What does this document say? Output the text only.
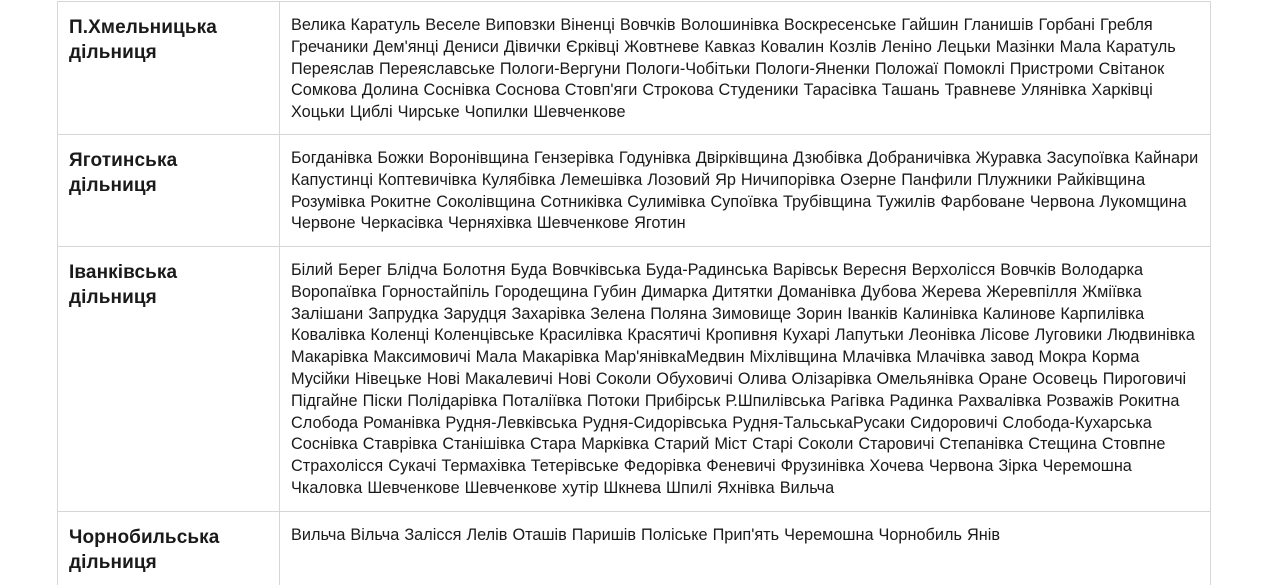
П.Хмельницька дільниця	Велика Каратуль Веселе Виповзки Віненці Вовчків Волошинівка Воскресенське Гайшин Гланишів Горбані Гребля Гречаники Дем'янці Дениси Дівички Єрківці Жовтневе Кавказ Ковалин Козлів Леніно Лецьки Мазінки Мала Каратуль Переяслав Переяславське Пологи-Вергуни Пологи-Чобітьки Пологи-Яненки Положаї Помоклі Пристроми Світанок Сомкова Долина Соснівка Соснова Стовп'яги Строкова Студеники Тарасівка Ташань Травневе Улянівка Харківці Хоцьки Циблі Чирське Чопилки Шевченкове

Яготинська дільниця	Богданівка Божки Воронівщина Гензерівка Годунівка Двірківщина Дзюбівка Добраничівка Журавка Засупоївка Кайнари Капустинці Коптевичівка Кулябівка Лемешівка Лозовий Яр Ничипорівка Озерне Панфили Плужники Райківщина Розумівка Рокитне Соколівщина Сотниківка Сулимівка Супоївка Трубівщина Тужилів Фарбоване Червона Лукомщина Червоне Черкасівка Черняхівка Шевченкове Яготин

Іванківська дільниця	Білий Берег Блідча Болотня Буда Вовчківська Буда-Радинська Варівськ Вересня Верхолісся Вовчків Володарка Воропаївка Горностайпіль Городещина Губин Димарка Дитятки Доманівка Дубова Жерева Жеревпілля Жміївка Залішани Запрудка Зарудця Захарівка Зелена Поляна Зимовище Зорин Іванків Калинівка Калинове Карпилівка Ковалівка Коленці Коленцівське Красилівка Красятичі Кропивня Кухарі Лапутьки Леонівка Лісове Луговики Людвинівка Макарівка Максимовичі Мала Макарівка Мар'янівкаМедвин Міхлівщина Млачівка Млачівка завод Мокра Корма Мусійки Нівецьке Нові Макалевичі Нові Соколи Обуховичі Олива Олізарівка Омельянівка Оране Осовець Пироговичі Підгайне Піски Полідарівка Поталіївка Потоки Прибірськ Р.Шпилівська Рагівка Радинка Рахвалівка Розважів Рокитна Слобода Романівка Рудня-Левківська Рудня-Сидорівська Рудня-ТальськаРусаки Сидоровичі Слобода-Кухарська Соснівка Ставрівка Станішівка Стара Марківка Старий Міст Старі Соколи Старовичі Степанівка Стещина Стовпне Страхолісся Сукачі Термахівка Тетерівське Федорівка Феневичі Фрузинівка Хочева Червона Зірка Черемошна Чкаловка Шевченкове Шевченкове хутір Шкнева Шпилі Яхнівка Вильча

Чорнобильська дільниця	Вильча Вільча Залісся Лелів Оташів Паришів Поліське Прип'ять Черемошна Чорнобиль Янів
